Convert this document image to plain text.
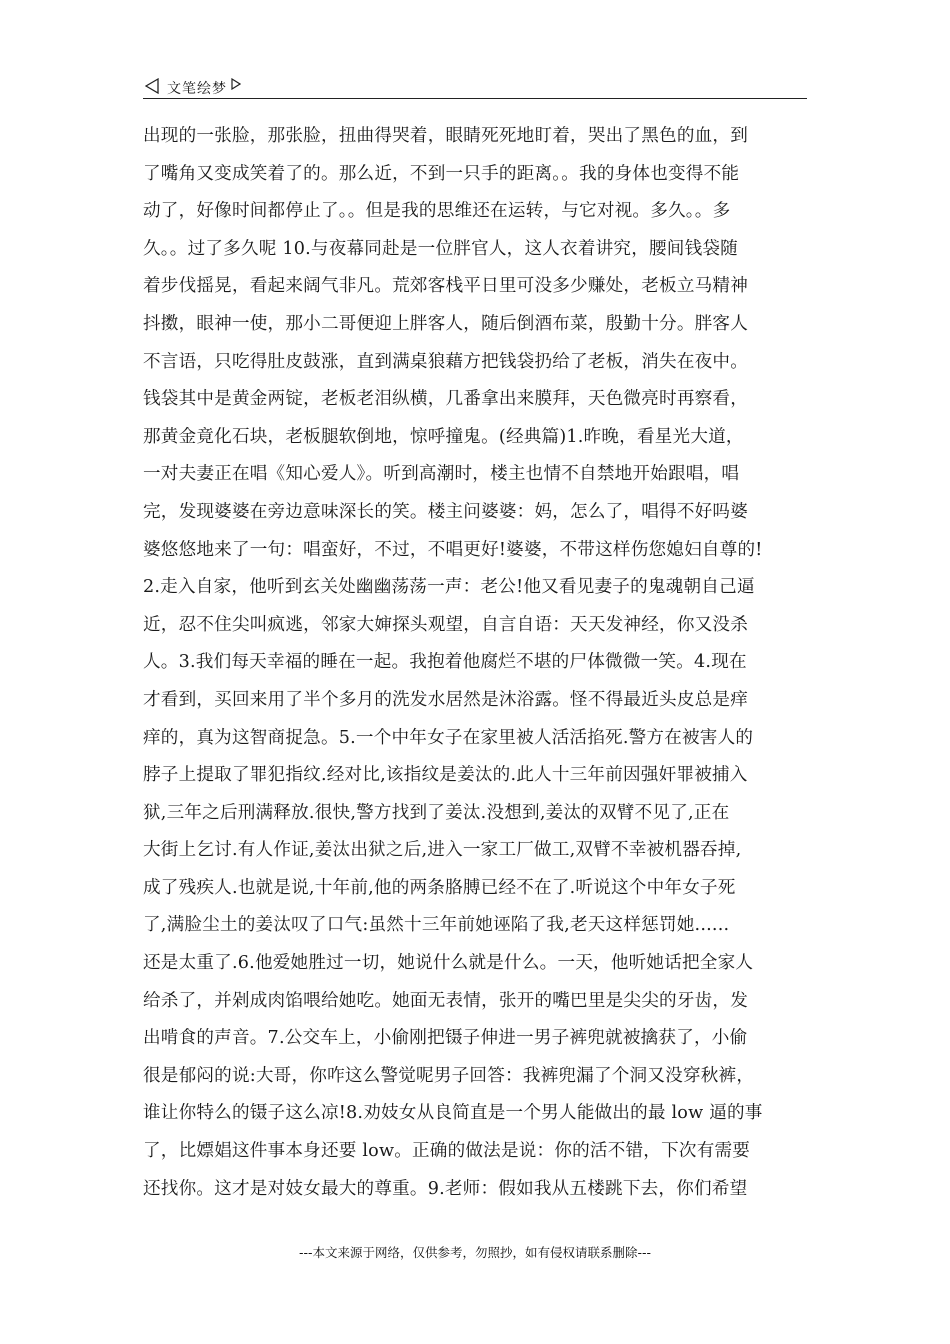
文笔绘梦
出现的一张脸，那张脸，扭曲得哭着，眼睛死死地盯着，哭出了黑色的血，到
了嘴角又变成笑着了的。那么近，不到一只手的距离。。我的身体也变得不能
动了，好像时间都停止了。。但是我的思维还在运转，与它对视。多久。。多
久。。过了多久呢 10.与夜幕同赴是一位胖官人，这人衣着讲究，腰间钱袋随
着步伐摇晃，看起来阔气非凡。荒郊客栈平日里可没多少赚处，老板立马精神
抖擞，眼神一使，那小二哥便迎上胖客人，随后倒酒布菜，殷勤十分。胖客人
不言语，只吃得肚皮鼓涨，直到满桌狼藉方把钱袋扔给了老板，消失在夜中。
钱袋其中是黄金两锭，老板老泪纵横，几番拿出来膜拜，天色微亮时再察看，
那黄金竟化石块，老板腿软倒地，惊呼撞鬼。(经典篇)1.昨晚，看星光大道，
一对夫妻正在唱《知心爱人》。听到高潮时，楼主也情不自禁地开始跟唱，唱
完，发现婆婆在旁边意味深长的笑。楼主问婆婆：妈，怎么了，唱得不好吗婆
婆悠悠地来了一句：唱蛮好，不过，不唱更好!婆婆，不带这样伤您媳妇自尊的!
2.走入自家，他听到玄关处幽幽荡荡一声：老公!他又看见妻子的鬼魂朝自己逼
近，忍不住尖叫疯逃，邻家大婶探头观望，自言自语：天天发神经，你又没杀
人。3.我们每天幸福的睡在一起。我抱着他腐烂不堪的尸体微微一笑。4.现在
才看到，买回来用了半个多月的洗发水居然是沐浴露。怪不得最近头皮总是痒
痒的，真为这智商捉急。5.一个中年女子在家里被人活活掐死.警方在被害人的
脖子上提取了罪犯指纹.经对比,该指纹是姜汰的.此人十三年前因强奸罪被捕入
狱,三年之后刑满释放.很快,警方找到了姜汰.没想到,姜汰的双臂不见了,正在
大街上乞讨.有人作证,姜汰出狱之后,进入一家工厂做工,双臂不幸被机器吞掉,
成了残疾人.也就是说,十年前,他的两条胳膊已经不在了.听说这个中年女子死
了,满脸尘土的姜汰叹了口气:虽然十三年前她诬陷了我,老天这样惩罚她......
还是太重了.6.他爱她胜过一切，她说什么就是什么。一天，他听她话把全家人
给杀了，并剁成肉馅喂给她吃。她面无表情，张开的嘴巴里是尖尖的牙齿，发
出啃食的声音。7.公交车上，小偷刚把镊子伸进一男子裤兜就被擒获了，小偷
很是郁闷的说:大哥，你咋这么警觉呢男子回答：我裤兜漏了个洞又没穿秋裤，
谁让你特么的镊子这么凉!8.劝妓女从良简直是一个男人能做出的最 low 逼的事
了，比嫖娼这件事本身还要 low。正确的做法是说：你的活不错，下次有需要
还找你。这才是对妓女最大的尊重。9.老师：假如我从五楼跳下去，你们希望
---本文来源于网络，仅供参考，勿照抄，如有侵权请联系删除---
